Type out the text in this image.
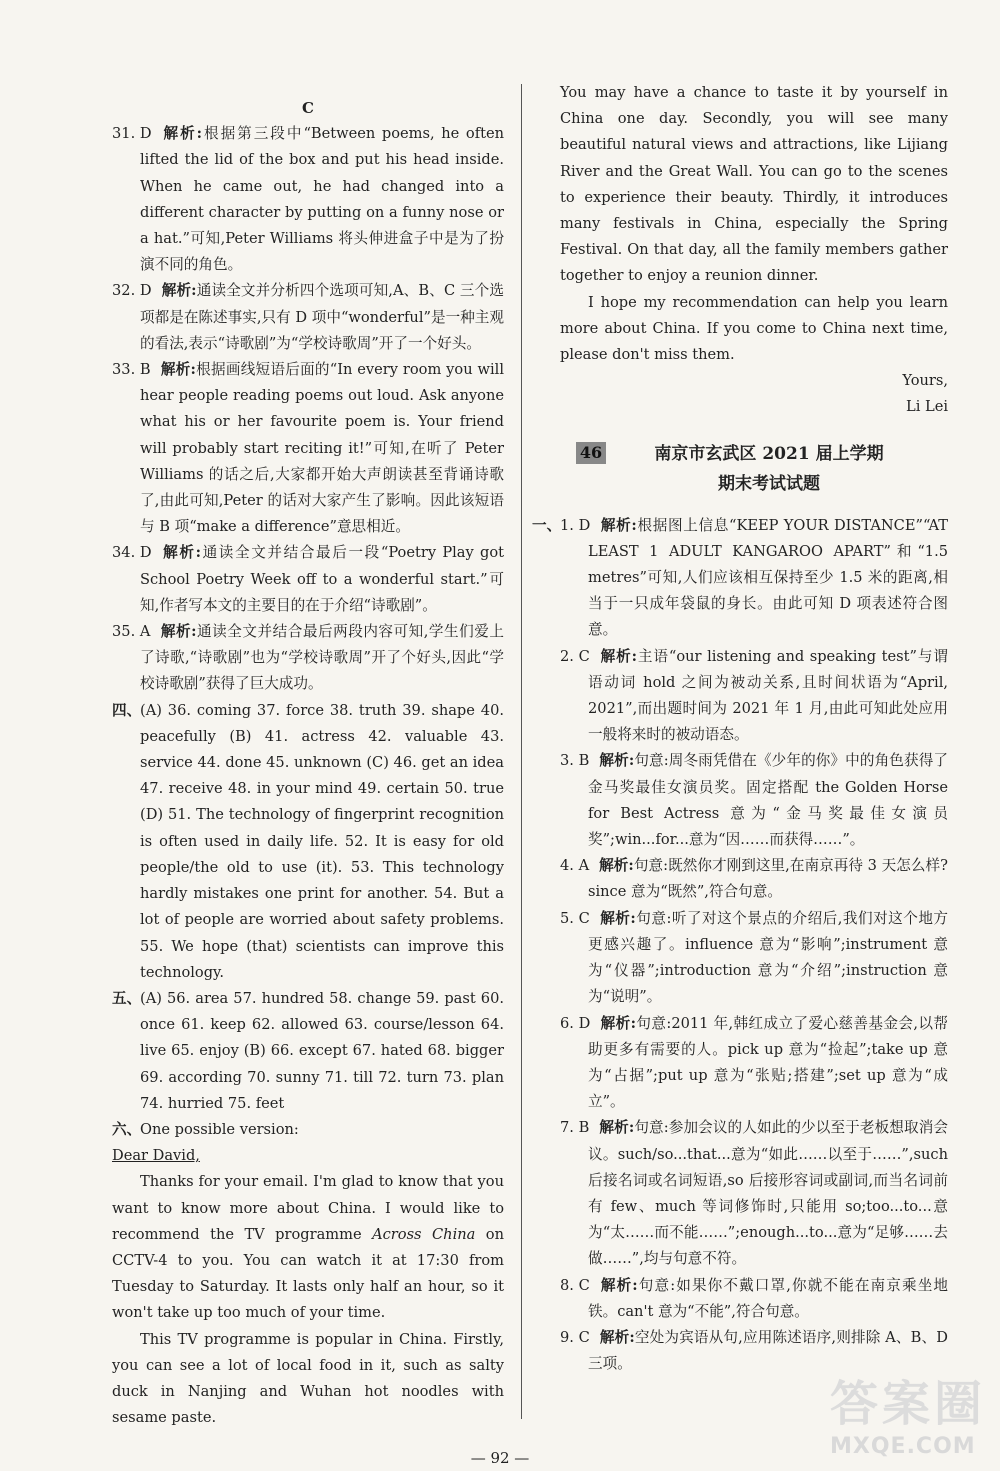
C

31. D 解析:根据第三段中“Between poems, he often lifted the lid of the box and put his head inside. When he came out, he had changed into a different character by putting on a funny nose or a hat.”可知,Peter Williams 将头伸进盒子中是为了扮演不同的角色。

32. D 解析:通读全文并分析四个选项可知,A、B、C 三个选项都是在陈述事实,只有 D 项中“wonderful”是一种主观的看法,表示“诗歌剧”为“学校诗歌周”开了一个好头。

33. B 解析:根据画线短语后面的“In every room you will hear people reading poems out loud. Ask anyone what his or her favourite poem is. Your friend will probably start reciting it!”可知,在听了 Peter Williams 的话之后,大家都开始大声朗读甚至背诵诗歌了,由此可知,Peter 的话对大家产生了影响。因此该短语与 B 项“make a difference”意思相近。

34. D 解析:通读全文并结合最后一段“Poetry Play got School Poetry Week off to a wonderful start.”可知,作者写本文的主要目的在于介绍“诗歌剧”。

35. A 解析:通读全文并结合最后两段内容可知,学生们爱上了诗歌,“诗歌剧”也为“学校诗歌周”开了个好头,因此“学校诗歌剧”获得了巨大成功。

四、(A) 36. coming 37. force 38. truth 39. shape 40. peacefully (B) 41. actress 42. valuable 43. service 44. done 45. unknown (C) 46. get an idea 47. receive 48. in your mind 49. certain 50. true (D) 51. The technology of fingerprint recognition is often used in daily life. 52. It is easy for old people/the old to use (it). 53. This technology hardly mistakes one print for another. 54. But a lot of people are worried about safety problems. 55. We hope (that) scientists can improve this technology.

五、(A) 56. area 57. hundred 58. change 59. past 60. once 61. keep 62. allowed 63. course/lesson 64. live 65. enjoy (B) 66. except 67. hated 68. bigger 69. according 70. sunny 71. till 72. turn 73. plan 74. hurried 75. feet

六、One possible version:

Dear David,

Thanks for your email. I'm glad to know that you want to know more about China. I would like to recommend the TV programme Across China on CCTV-4 to you. You can watch it at 17:30 from Tuesday to Saturday. It lasts only half an hour, so it won't take up too much of your time.

This TV programme is popular in China. Firstly, you can see a lot of local food in it, such as salty duck in Nanjing and Wuhan hot noodles with sesame paste.

You may have a chance to taste it by yourself in China one day. Secondly, you will see many beautiful natural views and attractions, like Lijiang River and the Great Wall. You can go to the scenes to experience their beauty. Thirdly, it introduces many festivals in China, especially the Spring Festival. On that day, all the family members gather together to enjoy a reunion dinner.

I hope my recommendation can help you learn more about China. If you come to China next time, please don't miss them.

Yours,

Li Lei

46	南京市玄武区 2021 届上学期
期末考试试题

一、1. D 解析:根据图上信息“KEEP YOUR DISTANCE”“AT LEAST 1 ADULT KANGAROO APART”和“1.5 metres”可知,人们应该相互保持至少 1.5 米的距离,相当于一只成年袋鼠的身长。由此可知 D 项表述符合图意。

2. C 解析:主语“our listening and speaking test”与谓语动词 hold 之间为被动关系,且时间状语为“April, 2021”,而出题时间为 2021 年 1 月,由此可知此处应用一般将来时的被动语态。

3. B 解析:句意:周冬雨凭借在《少年的你》中的角色获得了金马奖最佳女演员奖。固定搭配 the Golden Horse for Best Actress 意为“金马奖最佳女演员奖”;win...for...意为“因……而获得……”。

4. A 解析:句意:既然你才刚到这里,在南京再待 3 天怎么样? since 意为“既然”,符合句意。

5. C 解析:句意:听了对这个景点的介绍后,我们对这个地方更感兴趣了。influence 意为“影响”;instrument 意为“仪器”;introduction 意为“介绍”;instruction 意为“说明”。

6. D 解析:句意:2011 年,韩红成立了爱心慈善基金会,以帮助更多有需要的人。pick up 意为“捡起”;take up 意为“占据”;put up 意为“张贴;搭建”;set up 意为“成立”。

7. B 解析:句意:参加会议的人如此的少以至于老板想取消会议。such/so...that...意为“如此……以至于……”,such 后接名词或名词短语,so 后接形容词或副词,而当名词前有 few、much 等词修饰时,只能用 so;too...to...意为“太……而不能……”;enough...to...意为“足够……去做……”,均与句意不符。

8. C 解析:句意:如果你不戴口罩,你就不能在南京乘坐地铁。can't 意为“不能”,符合句意。

9. C 解析:空处为宾语从句,应用陈述语序,则排除 A、B、D 三项。

— 92 —
答案圈
MXQE.COM
